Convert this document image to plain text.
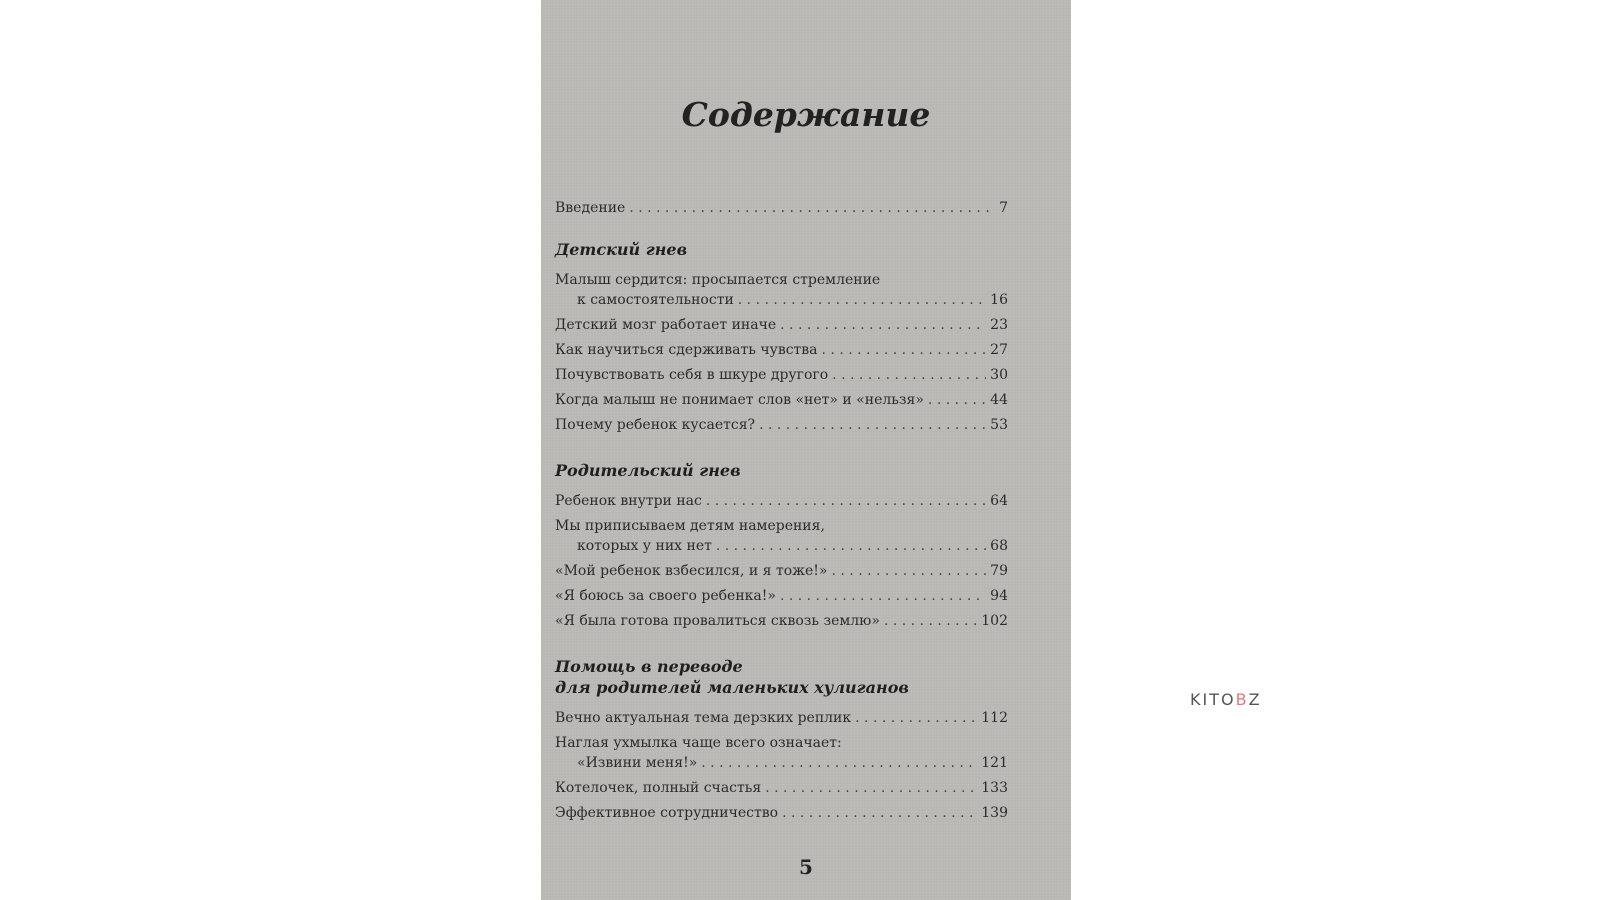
Содержание
Введение . . .	7
Детский гнев
Малыш сердится: просыпается стремление
к самостоятельности . . .	16
Детский мозг работает иначе . . .	23
Как научиться сдерживать чувства . . .	27
Почувствовать себя в шкуре другого . . .	30
Когда малыш не понимает слов «нет» и «нельзя» . . .	44
Почему ребенок кусается? . . .	53
Родительский гнев
Ребенок внутри нас . . .	64
Мы приписываем детям намерения,
которых у них нет . . .	68
«Мой ребенок взбесился, и я тоже!» . . .	79
«Я боюсь за своего ребенка!» . . .	94
«Я была готова провалиться сквозь землю» . . .	102
Помощь в переводе
для родителей маленьких хулиганов
Вечно актуальная тема дерзких реплик . . .	112
Наглая ухмылка чаще всего означает:
«Извини меня!» . . .	121
Котелочек, полный счастья . . .	133
Эффективное сотрудничество . . .	139
5
KITOBZ
